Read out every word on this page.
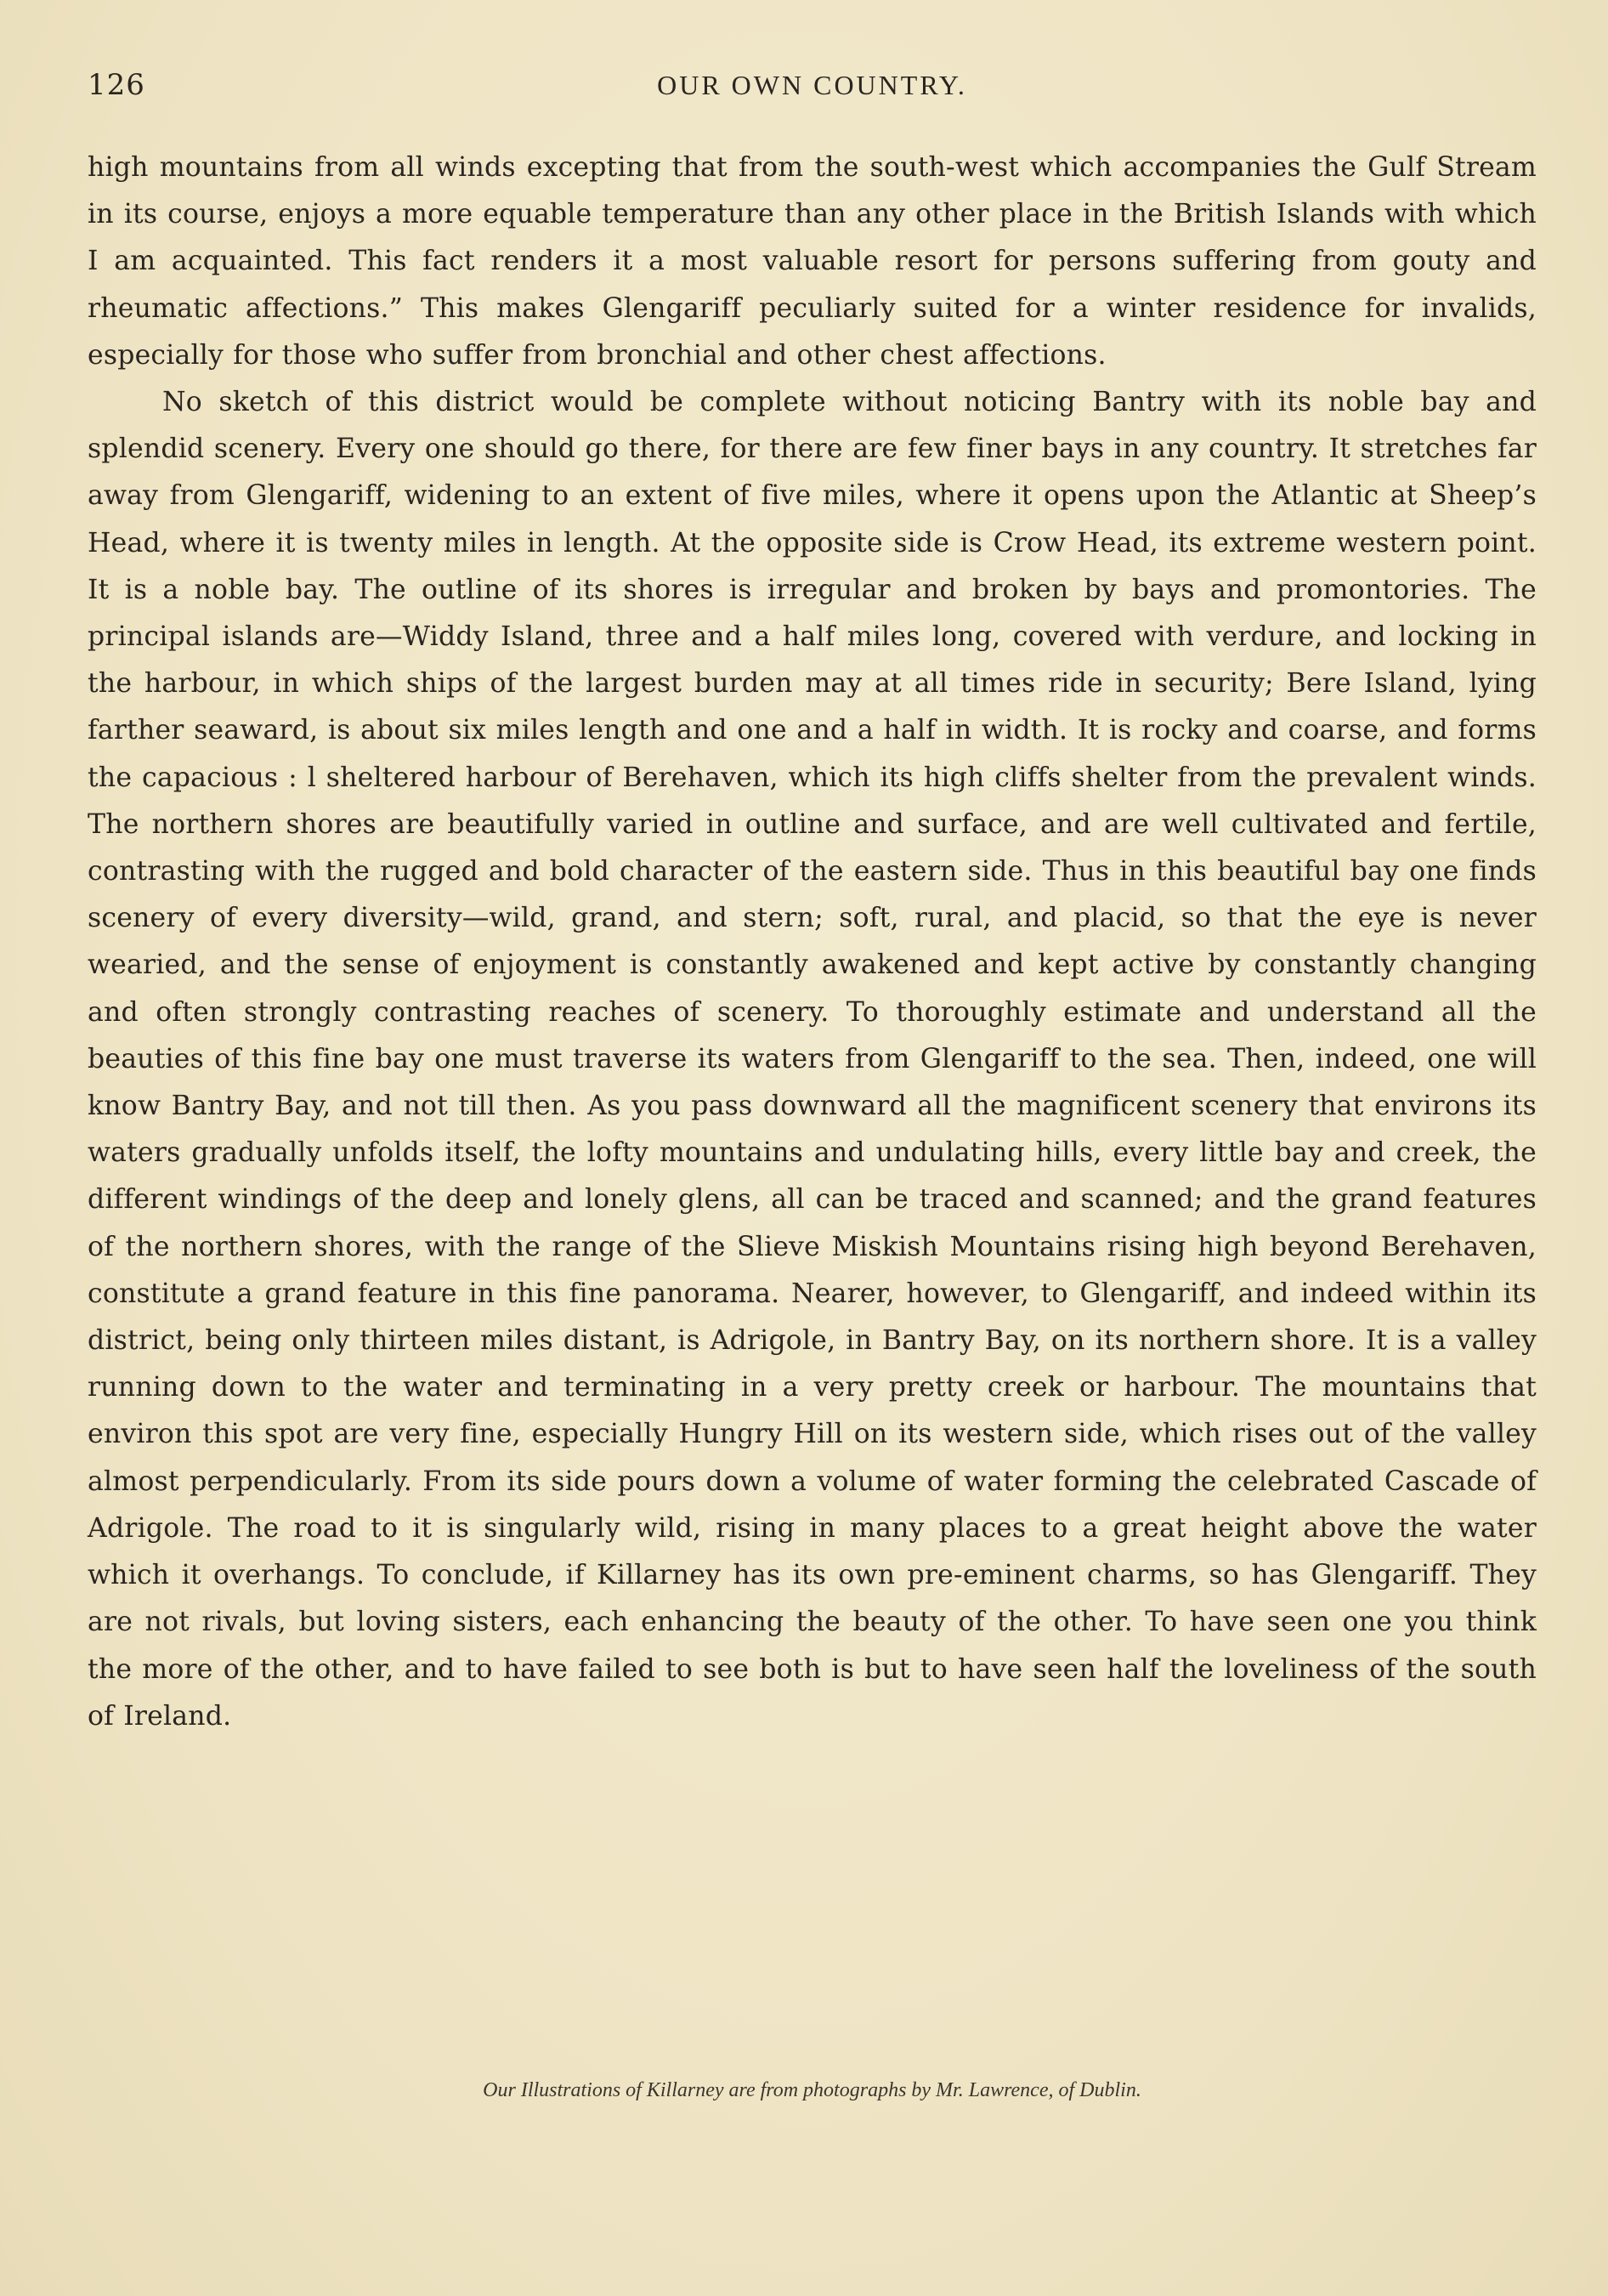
126	OUR OWN COUNTRY.

high mountains from all winds excepting that from the south-west which accompanies the Gulf Stream in its course, enjoys a more equable temperature than any other place in the British Islands with which I am acquainted. This fact renders it a most valuable resort for persons suffering from gouty and rheumatic affections.” This makes Glengariff peculiarly suited for a winter residence for invalids, especially for those who suffer from bronchial and other chest affections.

No sketch of this district would be complete without noticing Bantry with its noble bay and splendid scenery. Every one should go there, for there are few finer bays in any country. It stretches far away from Glengariff, widening to an extent of five miles, where it opens upon the Atlantic at Sheep’s Head, where it is twenty miles in length. At the opposite side is Crow Head, its extreme western point. It is a noble bay. The outline of its shores is irregular and broken by bays and promontories. The principal islands are—Widdy Island, three and a half miles long, covered with verdure, and locking in the harbour, in which ships of the largest burden may at all times ride in security; Bere Island, lying farther seaward, is about six miles length and one and a half in width. It is rocky and coarse, and forms the capacious : l sheltered harbour of Berehaven, which its high cliffs shelter from the prevalent winds. The northern shores are beautifully varied in outline and surface, and are well cultivated and fertile, contrasting with the rugged and bold character of the eastern side. Thus in this beautiful bay one finds scenery of every diversity—wild, grand, and stern; soft, rural, and placid, so that the eye is never wearied, and the sense of enjoyment is constantly awakened and kept active by constantly changing and often strongly contrasting reaches of scenery. To thoroughly estimate and understand all the beauties of this fine bay one must traverse its waters from Glengariff to the sea. Then, indeed, one will know Bantry Bay, and not till then. As you pass downward all the magnificent scenery that environs its waters gradually unfolds itself, the lofty mountains and undulating hills, every little bay and creek, the different windings of the deep and lonely glens, all can be traced and scanned; and the grand features of the northern shores, with the range of the Slieve Miskish Mountains rising high beyond Berehaven, constitute a grand feature in this fine panorama. Nearer, however, to Glengariff, and indeed within its district, being only thirteen miles distant, is Adrigole, in Bantry Bay, on its northern shore. It is a valley running down to the water and terminating in a very pretty creek or harbour. The mountains that environ this spot are very fine, especially Hungry Hill on its western side, which rises out of the valley almost perpendicularly. From its side pours down a volume of water forming the celebrated Cascade of Adrigole. The road to it is singularly wild, rising in many places to a great height above the water which it overhangs. To conclude, if Killarney has its own pre-eminent charms, so has Glengariff. They are not rivals, but loving sisters, each enhancing the beauty of the other. To have seen one you think the more of the other, and to have failed to see both is but to have seen half the loveliness of the south of Ireland.

Our Illustrations of Killarney are from photographs by Mr. Lawrence, of Dublin.
